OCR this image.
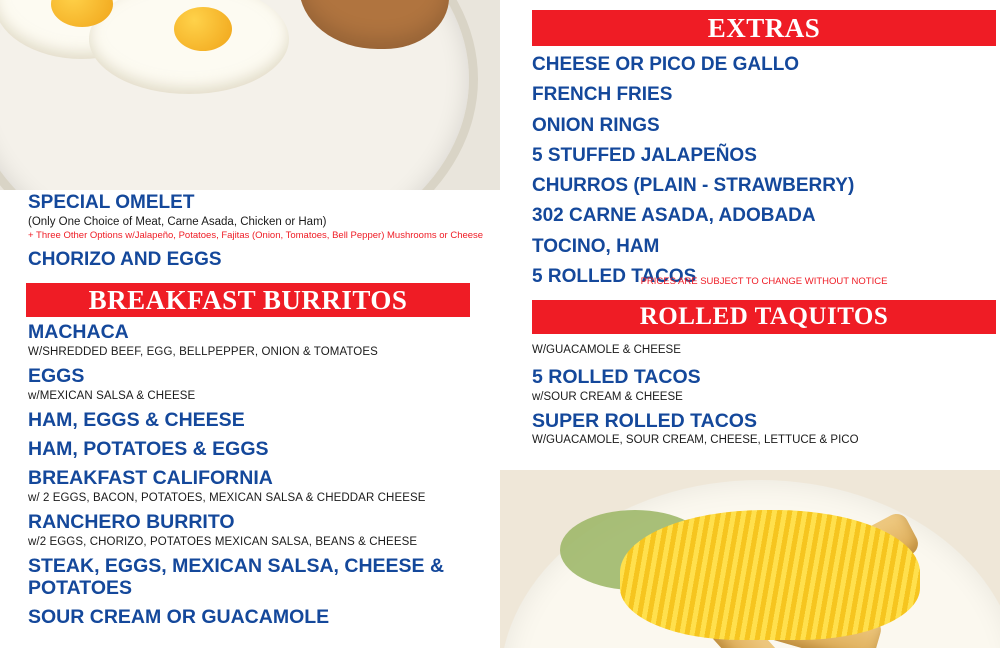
SPECIAL OMELET
(Only One Choice of Meat, Carne Asada, Chicken or Ham)
+ Three Other Options w/Jalapeño, Potatoes, Fajitas (Onion, Tomatoes, Bell Pepper) Mushrooms or Cheese
CHORIZO AND EGGS
BREAKFAST BURRITOS
MACHACA
W/SHREDDED BEEF, EGG, BELLPEPPER, ONION & TOMATOES
EGGS
w/MEXICAN SALSA & CHEESE
HAM, EGGS & CHEESE
HAM, POTATOES & EGGS
BREAKFAST CALIFORNIA
w/ 2 EGGS, BACON, POTATOES, MEXICAN SALSA & CHEDDAR CHEESE
RANCHERO BURRITO
w/2 EGGS, CHORIZO, POTATOES MEXICAN SALSA, BEANS & CHEESE
STEAK, EGGS, MEXICAN SALSA, CHEESE & POTATOES
SOUR CREAM OR GUACAMOLE
EXTRAS
CHEESE OR PICO DE GALLO
FRENCH FRIES
ONION RINGS
5 STUFFED JALAPEÑOS
CHURROS (PLAIN - STRAWBERRY)
302 CARNE ASADA, ADOBADA
TOCINO, HAM
5 ROLLED TACOS
PRICES ARE SUBJECT TO CHANGE WITHOUT NOTICE
ROLLED TAQUITOS
W/GUACAMOLE & CHEESE
5 ROLLED TACOS
w/SOUR CREAM & CHEESE
SUPER ROLLED TACOS
W/GUACAMOLE, SOUR CREAM, CHEESE, LETTUCE & PICO
